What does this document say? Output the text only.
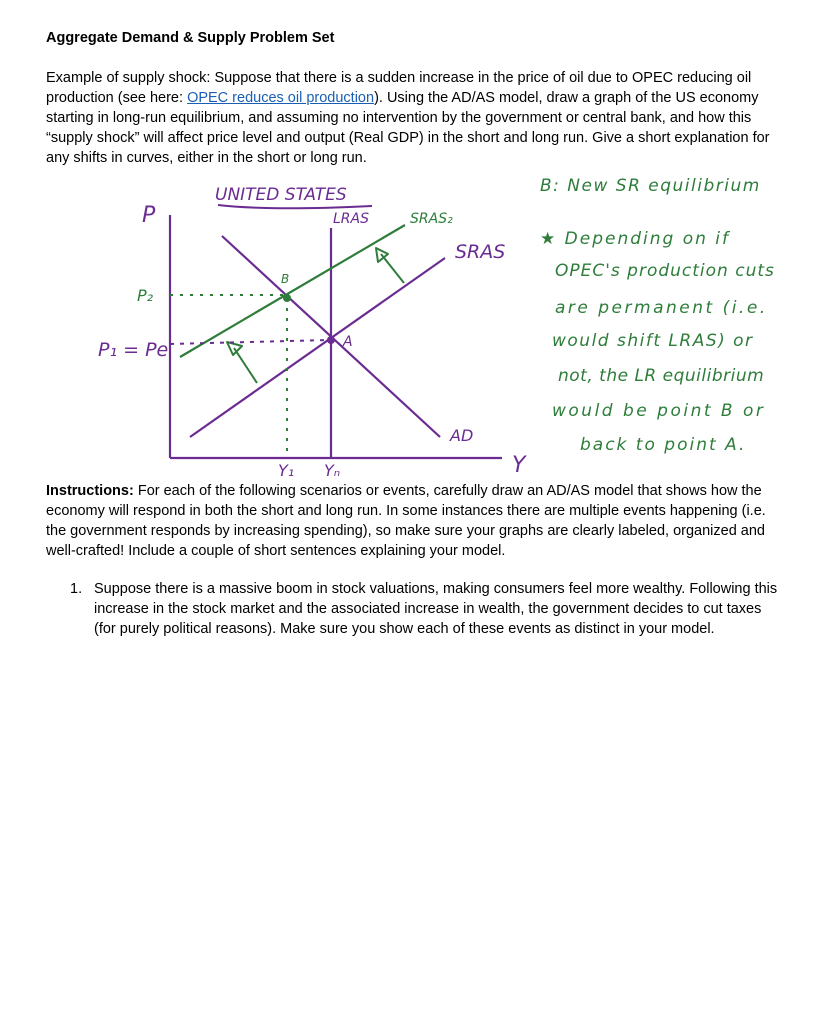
Aggregate Demand & Supply Problem Set
Example of supply shock: Suppose that there is a sudden increase in the price of oil due to OPEC reducing oil production (see here: OPEC reduces oil production). Using the AD/AS model, draw a graph of the US economy starting in long-run equilibrium, and assuming no intervention by the government or central bank, and how this “supply shock” will affect price level and output (Real GDP) in the short and long run. Give a short explanation for any shifts in curves, either in the short or long run.
UNITED STATES
P
Y
LRAS
AD
SRAS
SRAS₂
B
A
P₂
P₁ = Pe
Y₁ Yₙ
B: New SR equilibrium
★ Depending on if
OPEC's production cuts
are permanent (i.e.
would shift LRAS) or
not, the LR equilibrium
would be point B or
back to point A.
Instructions: For each of the following scenarios or events, carefully draw an AD/AS model that shows how the economy will respond in both the short and long run. In some instances there are multiple events happening (i.e. the government responds by increasing spending), so make sure your graphs are clearly labeled, organized and well-crafted! Include a couple of short sentences explaining your model.
1. Suppose there is a massive boom in stock valuations, making consumers feel more wealthy. Following this increase in the stock market and the associated increase in wealth, the government decides to cut taxes (for purely political reasons). Make sure you show each of these events as distinct in your model.
